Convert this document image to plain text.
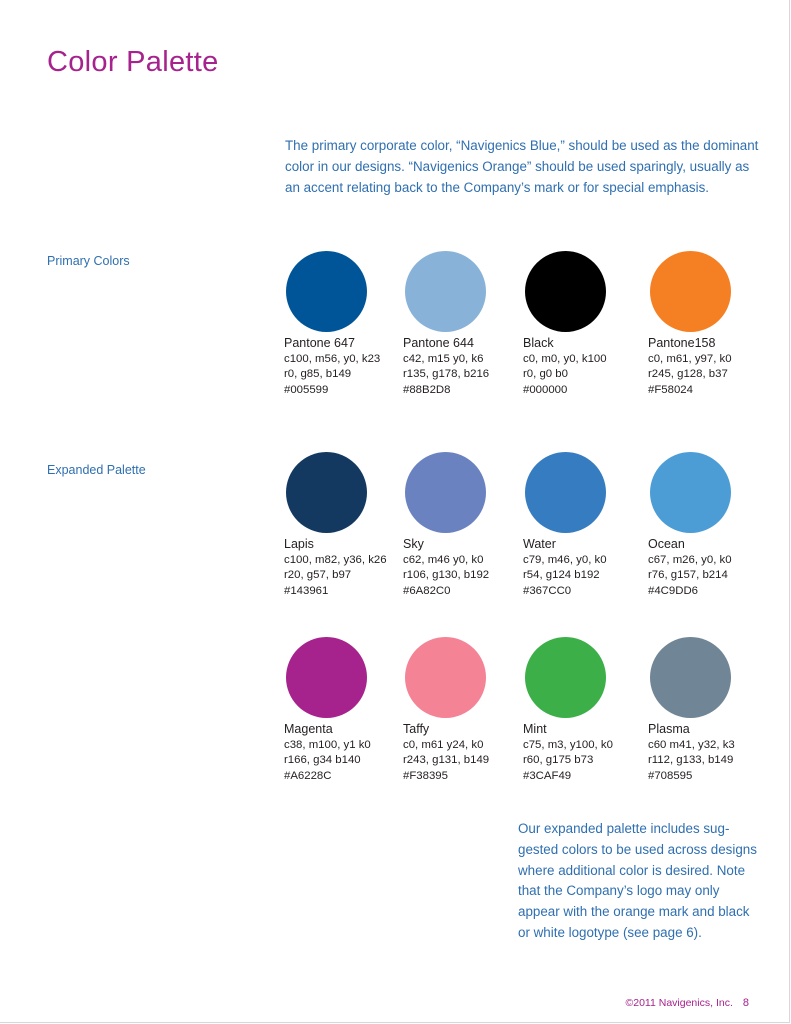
Color Palette

The primary corporate color, “Navigenics Blue,” should be used as the dominant color in our designs. “Navigenics Orange” should be used sparingly, usually as an accent relating back to the Company’s mark or for special emphasis.

Primary Colors

Expanded Palette

Pantone 647
c100, m56, y0, k23
r0, g85, b149
#005599
Pantone 644
c42, m15 y0, k6
r135, g178, b216
#88B2D8
Black
c0, m0, y0, k100
r0, g0 b0
#000000
Pantone158
c0, m61, y97, k0
r245, g128, b37
#F58024
Lapis
c100, m82, y36, k26
r20, g57, b97
#143961
Sky
c62, m46 y0, k0
r106, g130, b192
#6A82C0
Water
c79, m46, y0, k0
r54, g124 b192
#367CC0
Ocean
c67, m26, y0, k0
r76, g157, b214
#4C9DD6
Magenta
c38, m100, y1 k0
r166, g34 b140
#A6228C
Taffy
c0, m61 y24, k0
r243, g131, b149
#F38395
Mint
c75, m3, y100, k0
r60, g175 b73
#3CAF49
Plasma
c60 m41, y32, k3
r112, g133, b149
#708595

Our expanded palette includes sug-gested colors to be used across designs where additional color is desired. Note that the Company’s logo may only appear with the orange mark and black or white logotype (see page 6).

©2011 Navigenics, Inc. 8
